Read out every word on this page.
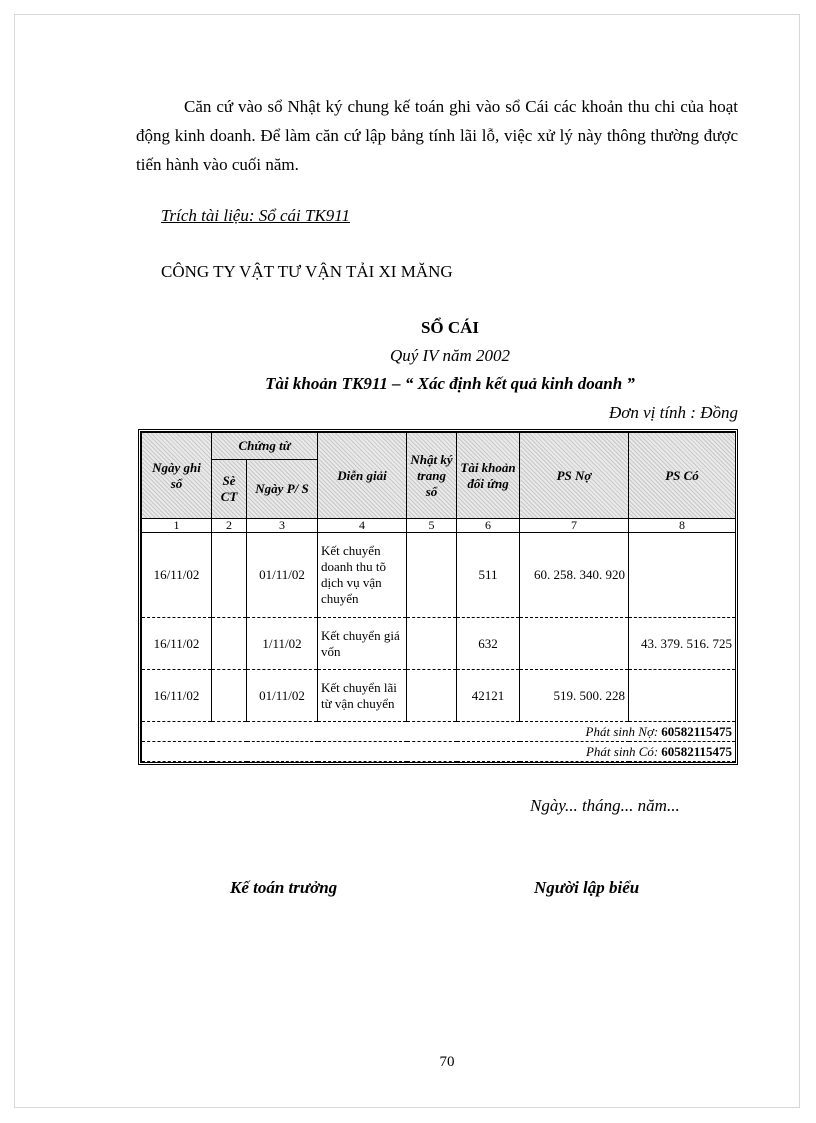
Căn cứ vào sổ Nhật ký chung kế toán ghi vào sổ Cái các khoản thu chi của hoạt động kinh doanh. Để làm căn cứ lập bảng tính lãi lỗ, việc xử lý này thông thường được tiến hành vào cuối năm.

Trích tài liệu: Sổ cái TK911
CÔNG TY VẬT TƯ VẬN TẢI XI MĂNG
SỔ CÁI
Quý IV năm 2002
Tài khoản TK911 – “ Xác định kết quả kinh doanh ”
Đơn vị tính : Đồng
Ngày ghi sổ	Chứng từ		Diễn giải	Nhật ký trang sổ	Tài khoản đối ứng	PS Nợ	PS Có
	Sè CT	Ngày P/ S					
1	2	3	4	5	6	7	8
16/11/02		01/11/02	Kết chuyển doanh thu tõ dịch vụ vận chuyển		511	60. 258. 340. 920	
16/11/02		1/11/02	Kết chuyển giá vốn		632		43. 379. 516. 725
16/11/02		01/11/02	Kết chuyển lãi từ vận chuyển		42121	519. 500. 228	
Phát sinh Nợ: 60582115475							
Phát sinh Có: 60582115475							
Ngày... tháng... năm...
Kế toán trưởng	Người lập biểu
70
